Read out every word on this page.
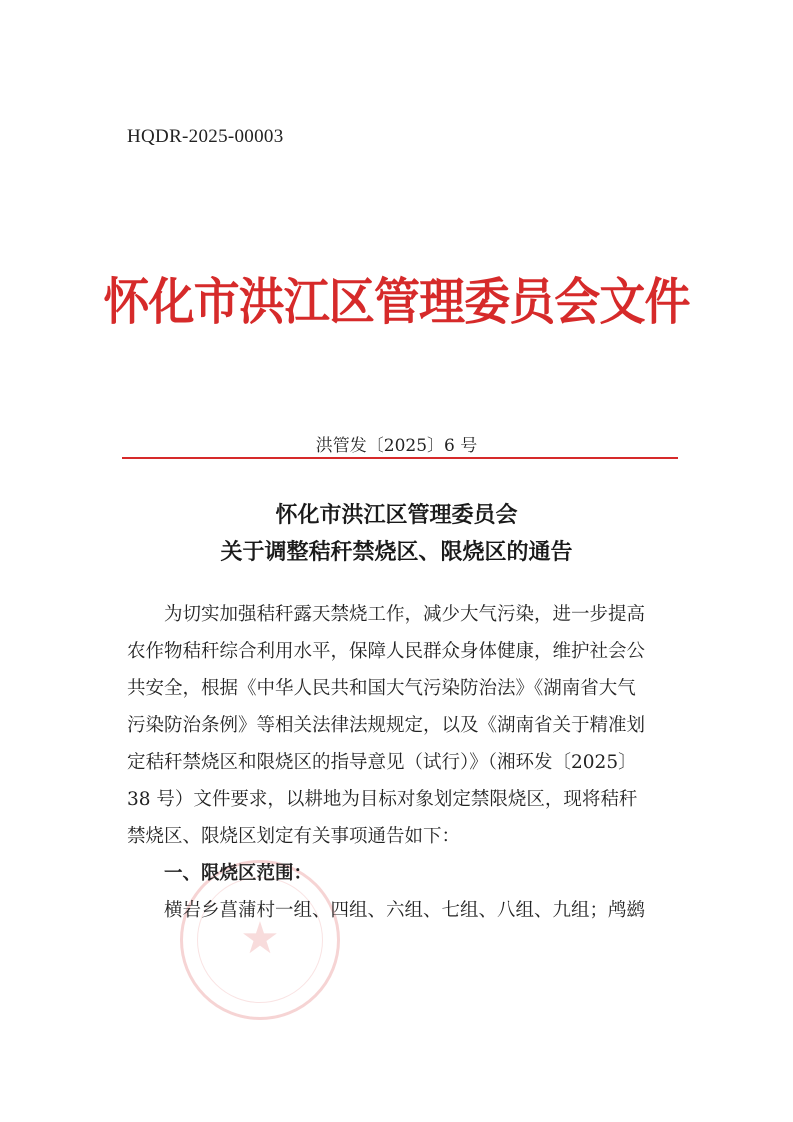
HQDR-2025-00003
怀化市洪江区管理委员会文件
洪管发〔2025〕6 号
怀化市洪江区管理委员会
关于调整秸秆禁烧区、限烧区的通告
★
为切实加强秸秆露天禁烧工作，减少大气污染，进一步提高
农作物秸秆综合利用水平，保障人民群众身体健康，维护社会公
共安全，根据《中华人民共和国大气污染防治法》《湖南省大气
污染防治条例》等相关法律法规规定，以及《湖南省关于精准划
定秸秆禁烧区和限烧区的指导意见（试行）》（湘环发〔2025〕
38 号）文件要求，以耕地为目标对象划定禁限烧区，现将秸秆
禁烧区、限烧区划定有关事项通告如下：
一、限烧区范围：
横岩乡菖蒲村一组、四组、六组、七组、八组、九组；鸬鹚
